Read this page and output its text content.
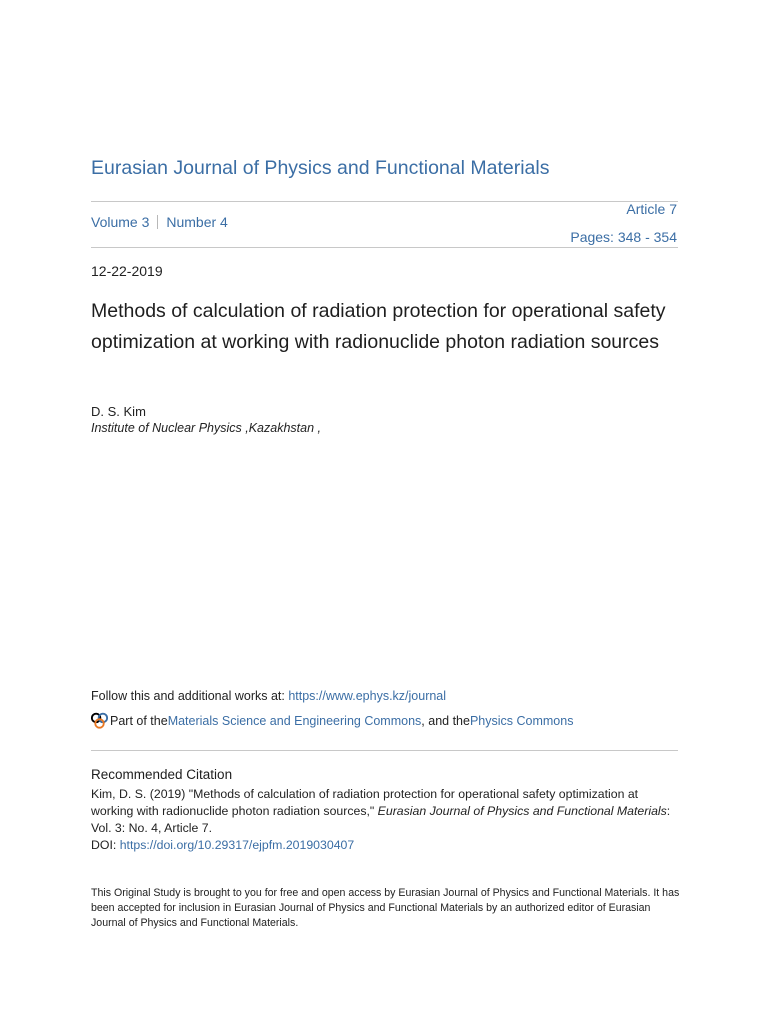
Eurasian Journal of Physics and Functional Materials
Volume 3 Number 4
Article 7
Pages: 348 - 354
12-22-2019
Methods of calculation of radiation protection for operational safety optimization at working with radionuclide photon radiation sources
D. S. Kim
Institute of Nuclear Physics ,Kazakhstan ,
Follow this and additional works at: https://www.ephys.kz/journal
Part of the Materials Science and Engineering Commons , and the Physics Commons
Recommended Citation
Kim, D. S. (2019) "Methods of calculation of radiation protection for operational safety optimization at working with radionuclide photon radiation sources," Eurasian Journal of Physics and Functional Materials: Vol. 3: No. 4, Article 7.
DOI: https://doi.org/10.29317/ejpfm.2019030407
This Original Study is brought to you for free and open access by Eurasian Journal of Physics and Functional Materials. It has been accepted for inclusion in Eurasian Journal of Physics and Functional Materials by an authorized editor of Eurasian Journal of Physics and Functional Materials.
